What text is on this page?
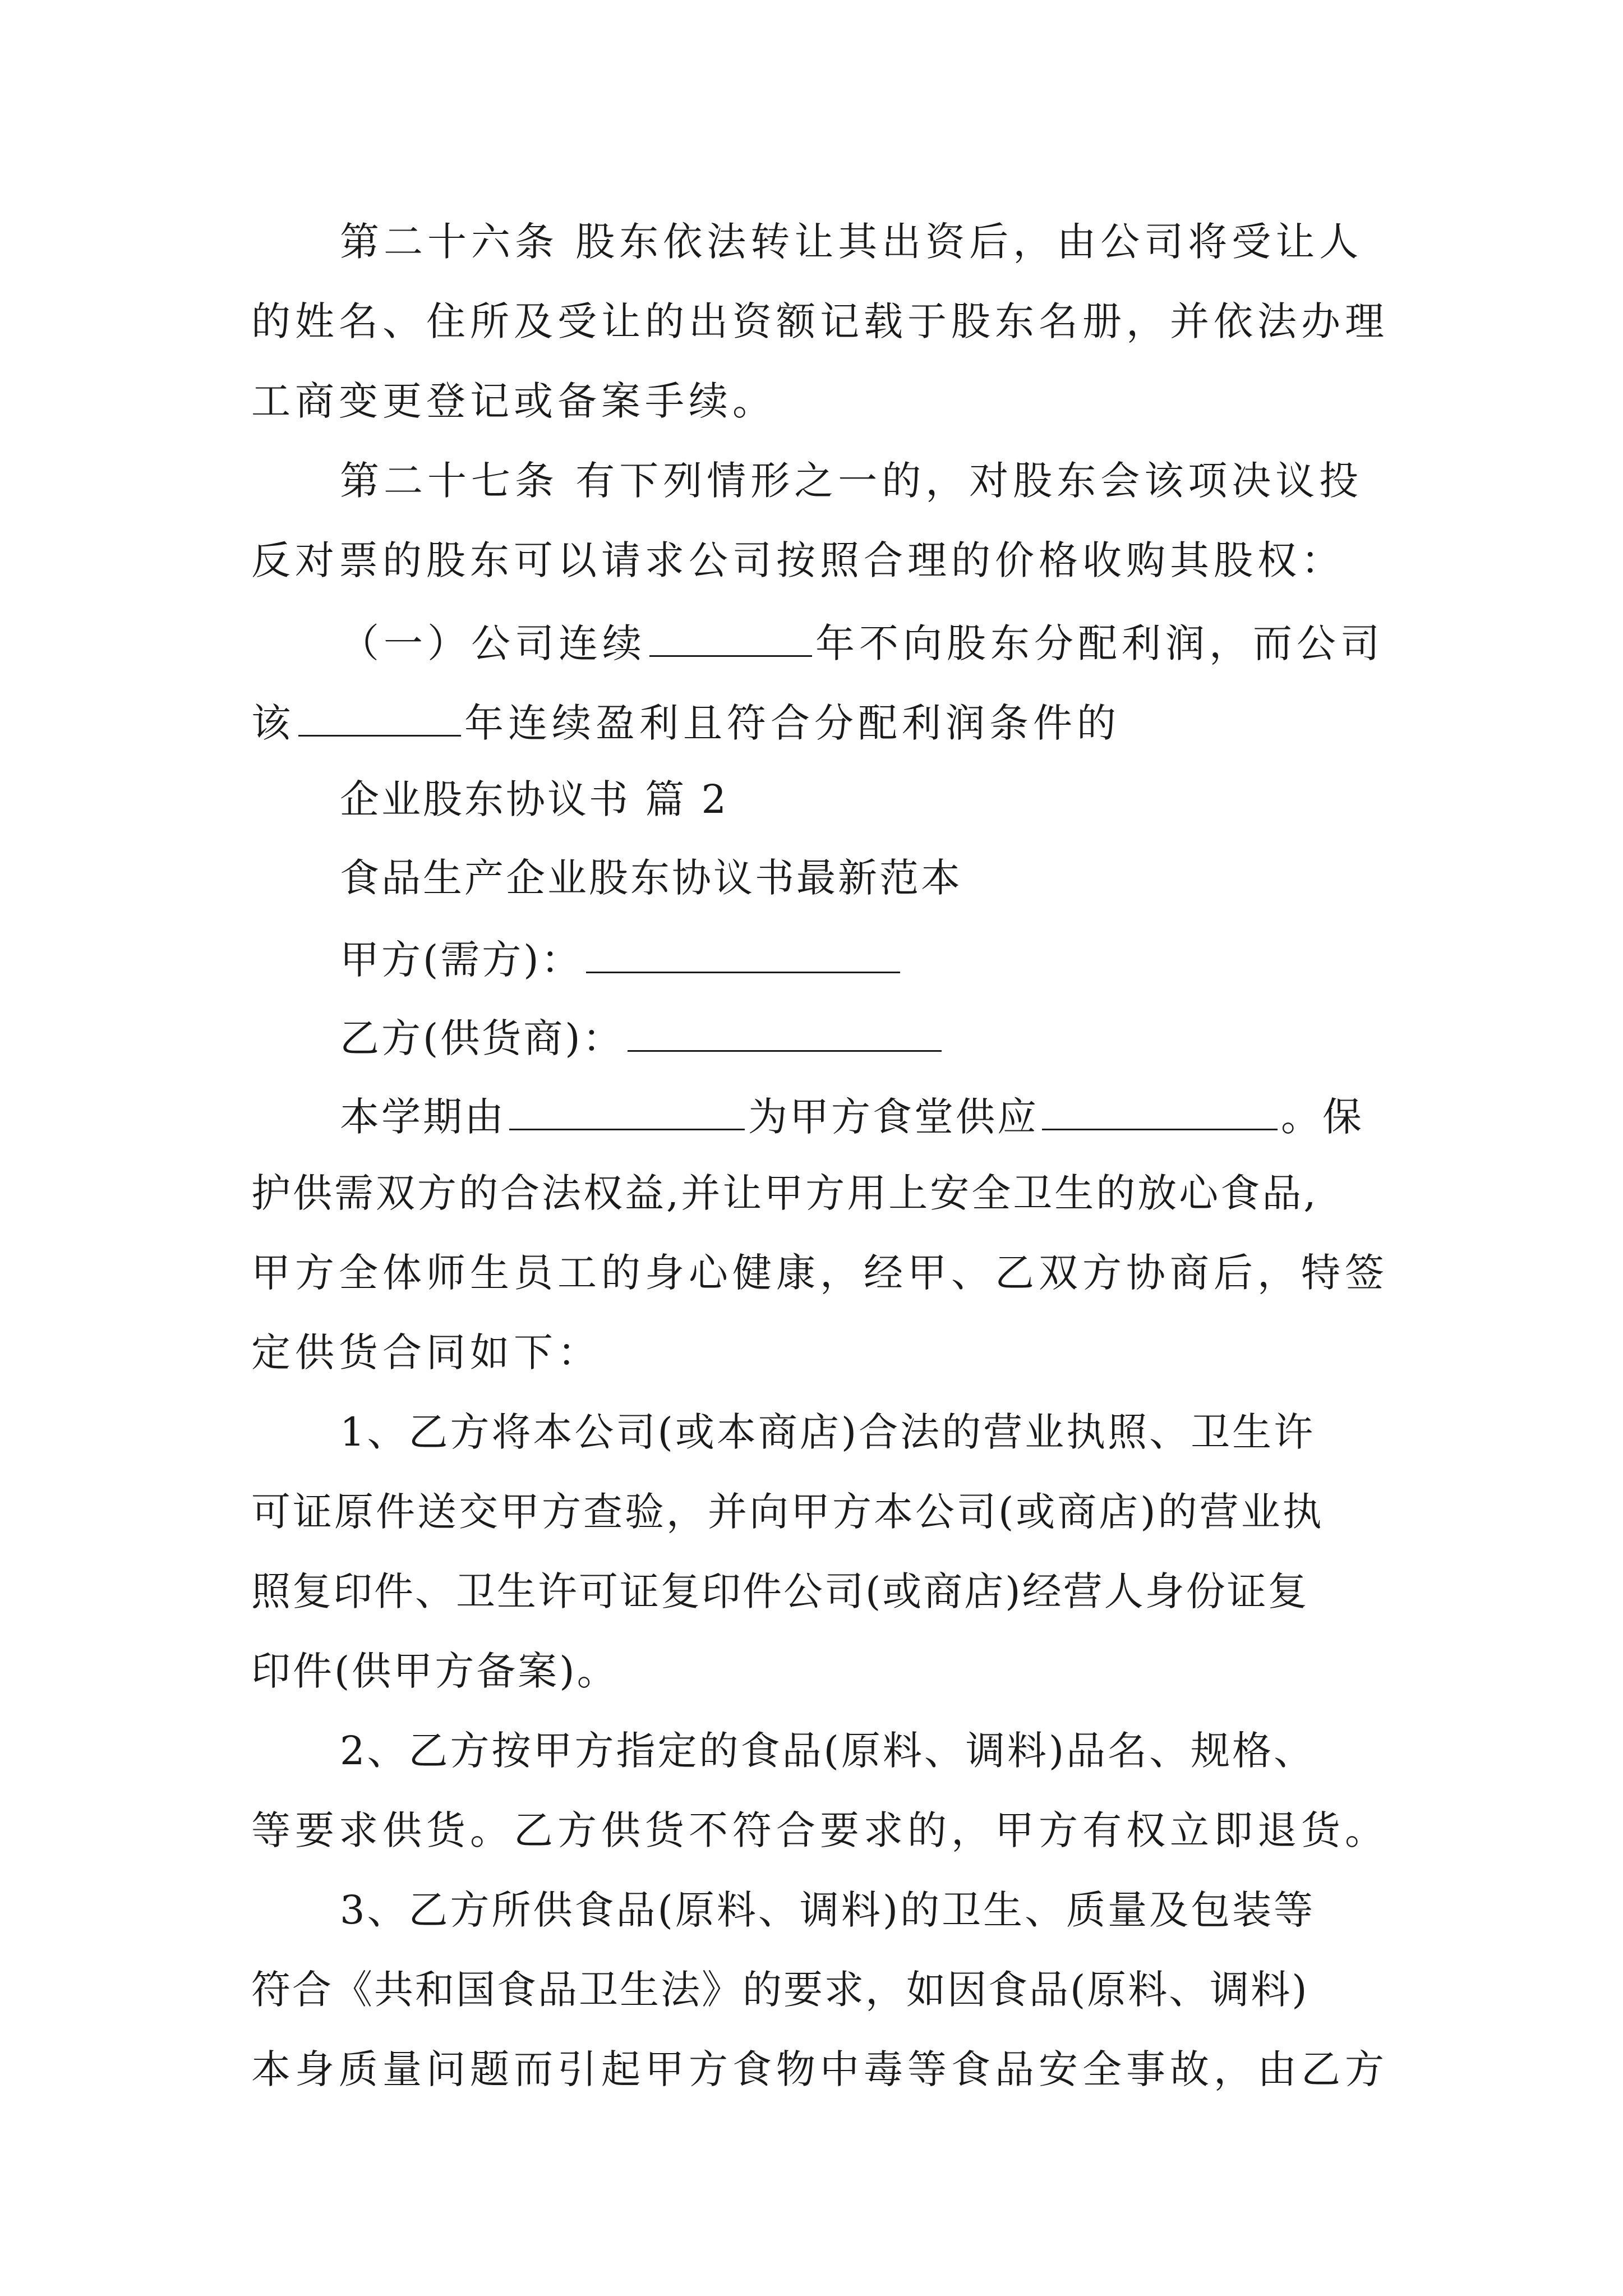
第二十六条 股东依法转让其出资后，由公司将受让人
的姓名、住所及受让的出资额记载于股东名册，并依法办理
工商变更登记或备案手续。
第二十七条 有下列情形之一的，对股东会该项决议投
反对票的股东可以请求公司按照合理的价格收购其股权：
（一）公司连续	年不向股东分配利润，而公司
该	年连续盈利且符合分配利润条件的
企业股东协议书 篇 2
食品生产企业股东协议书最新范本
甲方(需方)：
乙方(供货商)：
本学期由	为甲方食堂供应	。保
护供需双方的合法权益,并让甲方用上安全卫生的放心食品,
甲方全体师生员工的身心健康，经甲、乙双方协商后，特签
定供货合同如下：
1、乙方将本公司(或本商店)合法的营业执照、卫生许
可证原件送交甲方查验，并向甲方本公司(或商店)的营业执
照复印件、卫生许可证复印件公司(或商店)经营人身份证复
印件(供甲方备案)。
2、乙方按甲方指定的食品(原料、调料)品名、规格、
等要求供货。乙方供货不符合要求的，甲方有权立即退货。
3、乙方所供食品(原料、调料)的卫生、质量及包装等
符合《共和国食品卫生法》的要求，如因食品(原料、调料)
本身质量问题而引起甲方食物中毒等食品安全事故，由乙方
